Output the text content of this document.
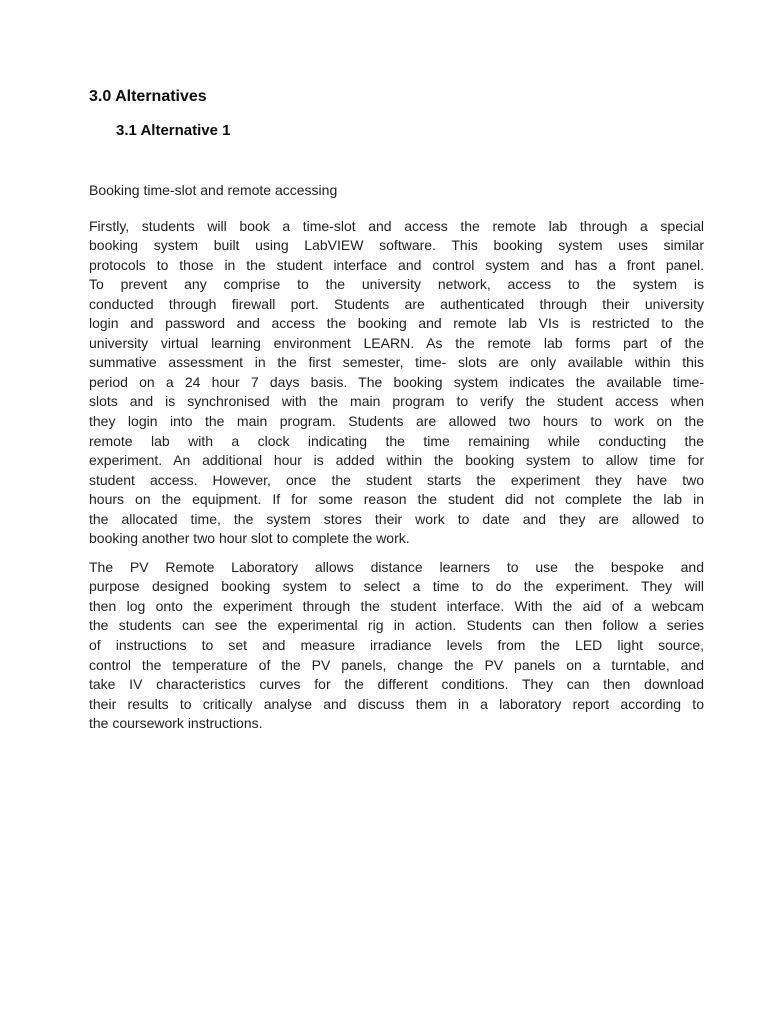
3.0 Alternatives
3.1 Alternative 1
Booking time-slot and remote accessing
Firstly, students will book a time-slot and access the remote lab through a special
booking system built using LabVIEW software. This booking system uses similar
protocols to those in the student interface and control system and has a front panel.
To prevent any comprise to the university network, access to the system is
conducted through firewall port. Students are authenticated through their university
login and password and access the booking and remote lab VIs is restricted to the
university virtual learning environment LEARN. As the remote lab forms part of the
summative assessment in the first semester, time- slots are only available within this
period on a 24 hour 7 days basis. The booking system indicates the available time-
slots and is synchronised with the main program to verify the student access when
they login into the main program. Students are allowed two hours to work on the
remote lab with a clock indicating the time remaining while conducting the
experiment. An additional hour is added within the booking system to allow time for
student access. However, once the student starts the experiment they have two
hours on the equipment. If for some reason the student did not complete the lab in
the allocated time, the system stores their work to date and they are allowed to
booking another two hour slot to complete the work.
The PV Remote Laboratory allows distance learners to use the bespoke and
purpose designed booking system to select a time to do the experiment. They will
then log onto the experiment through the student interface. With the aid of a webcam
the students can see the experimental rig in action. Students can then follow a series
of instructions to set and measure irradiance levels from the LED light source,
control the temperature of the PV panels, change the PV panels on a turntable, and
take IV characteristics curves for the different conditions. They can then download
their results to critically analyse and discuss them in a laboratory report according to
the coursework instructions.
